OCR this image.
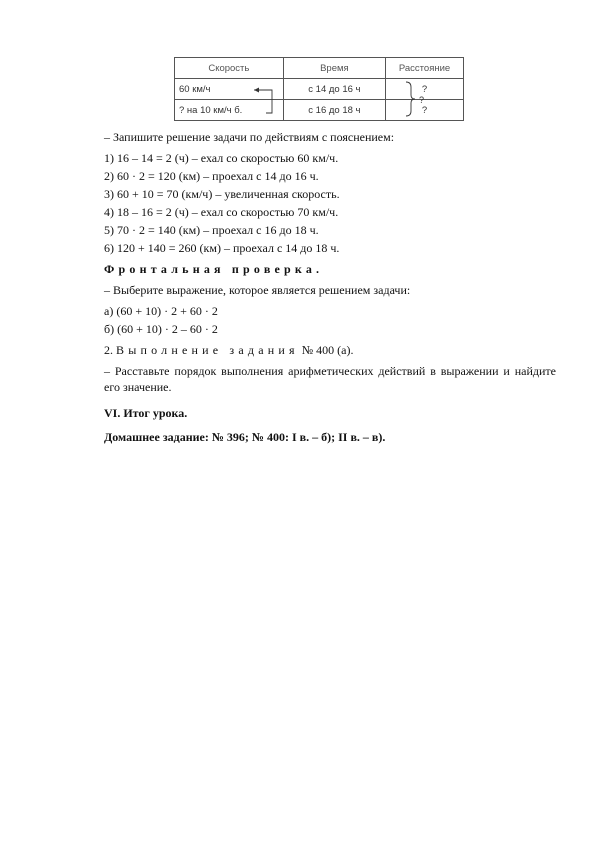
Скорость	Время	Расстояние
60 км/ч	с 14 до 16 ч	?
? на 10 км/ч б.	с 16 до 18 ч	?
?
– Запишите решение задачи по действиям с пояснением:
1) 16 – 14 = 2 (ч) – ехал со скоростью 60 км/ч.
2) 60 · 2 = 120 (км) – проехал с 14 до 16 ч.
3) 60 + 10 = 70 (км/ч) – увеличенная скорость.
4) 18 – 16 = 2 (ч) – ехал со скоростью 70 км/ч.
5) 70 · 2 = 140 (км) – проехал с 16 до 18 ч.
6) 120 + 140 = 260 (км) – проехал с 14 до 18 ч.
Фронтальная проверка.
– Выберите выражение, которое является решением задачи:
а) (60 + 10) · 2 + 60 · 2
б) (60 + 10) · 2 – 60 · 2
2. Выполнение задания № 400 (а).
– Расставьте порядок выполнения арифметических действий в выражении и найдите его значение.
VI. Итог урока.
Домашнее задание: № 396; № 400: I в. – б); II в. – в).
